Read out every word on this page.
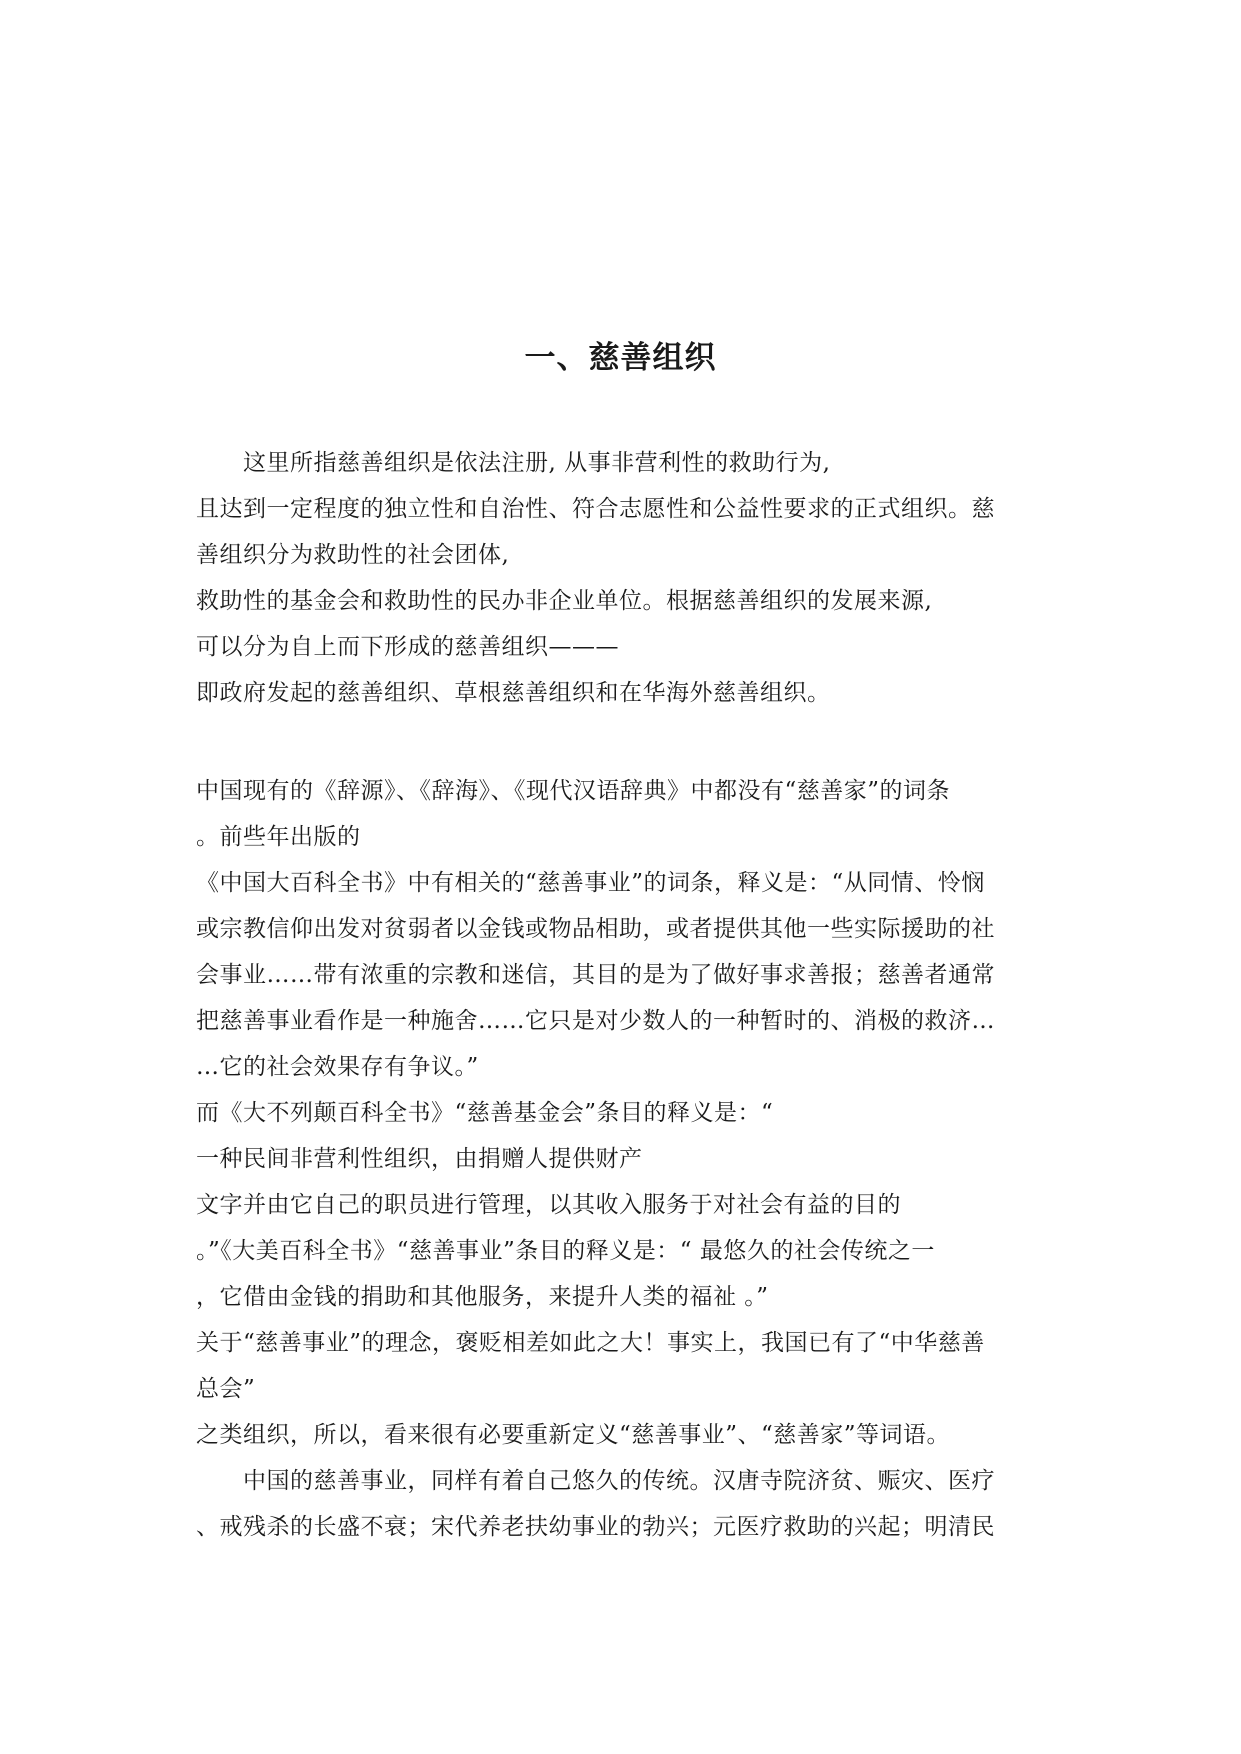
一、慈善组织
这里所指慈善组织是依法注册, 从事非营利性的救助行为,
且达到一定程度的独立性和自治性、符合志愿性和公益性要求的正式组织。慈
善组织分为救助性的社会团体,
救助性的基金会和救助性的民办非企业单位。根据慈善组织的发展来源,
可以分为自上而下形成的慈善组织———
即政府发起的慈善组织、草根慈善组织和在华海外慈善组织。
中国现有的《辞源》、《辞海》、《现代汉语辞典》中都没有“慈善家”的词条
。前些年出版的
《中国大百科全书》中有相关的“慈善事业”的词条，释义是：“从同情、怜悯
或宗教信仰出发对贫弱者以金钱或物品相助，或者提供其他一些实际援助的社
会事业……带有浓重的宗教和迷信，其目的是为了做好事求善报；慈善者通常
把慈善事业看作是一种施舍……它只是对少数人的一种暂时的、消极的救济…
…它的社会效果存有争议。”
而《大不列颠百科全书》“慈善基金会”条目的释义是：“
一种民间非营利性组织，由捐赠人提供财产
文字并由它自己的职员进行管理，以其收入服务于对社会有益的目的
。”《大美百科全书》“慈善事业”条目的释义是：“ 最悠久的社会传统之一
，它借由金钱的捐助和其他服务，来提升人类的福祉 。”
关于“慈善事业”的理念，褒贬相差如此之大！事实上，我国已有了“中华慈善
总会”
之类组织，所以，看来很有必要重新定义“慈善事业”、“慈善家”等词语。
中国的慈善事业，同样有着自己悠久的传统。汉唐寺院济贫、赈灾、医疗
、戒残杀的长盛不衰；宋代养老扶幼事业的勃兴；元医疗救助的兴起；明清民
